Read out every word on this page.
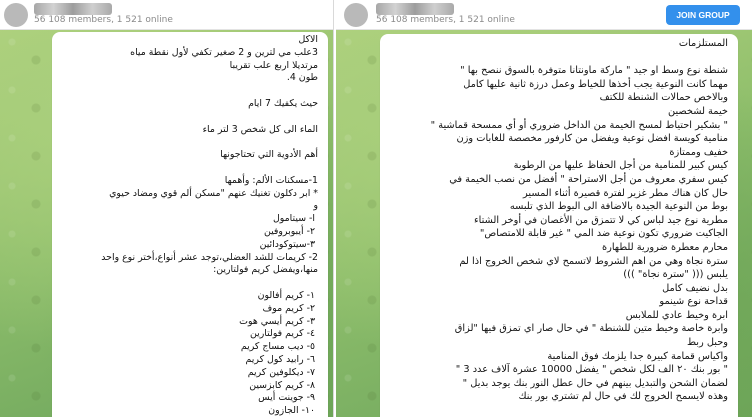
56 108 members, 1 521 online
الاكل
3علب مي لترين و 2 صغير تكفي لأول نقطة مياه
مرتديلا اربع علب تقريبا
طون 4.

حيث يكفيك 7 ايام

الماء الى كل شخص 3 لتر ماء

أهم الأدوية التي تحتاجونها

1-مسكنات الألم: وأهمها
* ابر دكلون تغنيك عنهم "مسكن ألم قوي ومضاد حيوي
و
ا- سيتامول
٢- أيبوبروفين
٣-سيتوكودائين
2- كريمات للشد العضلي،توجد عشر أنواع،أختر نوع واحد منها،ويفضل كريم فولتارين:

١- كريم أفالون
٢- كريم موف
٣- كريم أيسي هوت
٤- كريم فولتارين
٥- ديب مساج كريم
٦- رابيد كول كريم
٧- ديكلوفين كريم
٨- كريم كابزسين
٩- جوينت أيس
١٠- الجازون
56 108 members, 1 521 online	JOIN GROUP
المستلزمات

شنطة نوع وسط او جيد " ماركة ماونتانا متوفرة بالسوق ننصح بها "
مهما كانت النوعية يجب أخذها للخياط وعمل درزة ثانية عليها كامل
وبالاخص حمالات الشنطة للكتف
خيمة لشخصين
" بشكير احتياط لمسح الخيمة من الداخل ضروري أو أي ممسحة قماشية "
منامية كويسة افضل نوعية ويفضل من كارفور مخصصة للغابات وزن
خفيف وممتازة
كيس كبير للمنامية من أجل الحفاظ عليها من الرطوبة
كيس سفري معروف من أجل الاستراحة " أفضل من نصب الخيمة في
حال كان هناك مطر غزير لفترة قصيرة أثناء المسير
بوط من النوعية الجيدة بالاضافة الى البوط الذي تلبسه
مطرية نوع جيد لباس كي لا تتمزق من الأغصان في أوخر الشتاء
الجاكيت ضروري تكون نوعية ضد المي " غير قابلة للامتصاص"
محارم معطرة ضرورية للطهارة
سترة نجاة وهي من اهم الشروط لاتسمح لاي شخص الخروج اذا لم
يلبس ((( "سترة نجاة" )))
بدل نضيف كامل
قداحة نوع شينمو
ابرة وخيط عادي للملابس
وابرة خاصة وخيط متين للشنطة " في حال صار اي تمزق فيها "لزاق
وحبل ربط
واكياس قمامة كبيرة جدا يلزمك فوق المنامية
" بور بنك ٢٠ الف لكل شخص " يفضل 10000 عشرة آلاف عدد 3 "
لضمان الشحن والتبديل بينهم في حال عطل النور بنك يوجد بديل "
وهذه لايسمح الخروج لك في حال لم تشتري بور بنك
